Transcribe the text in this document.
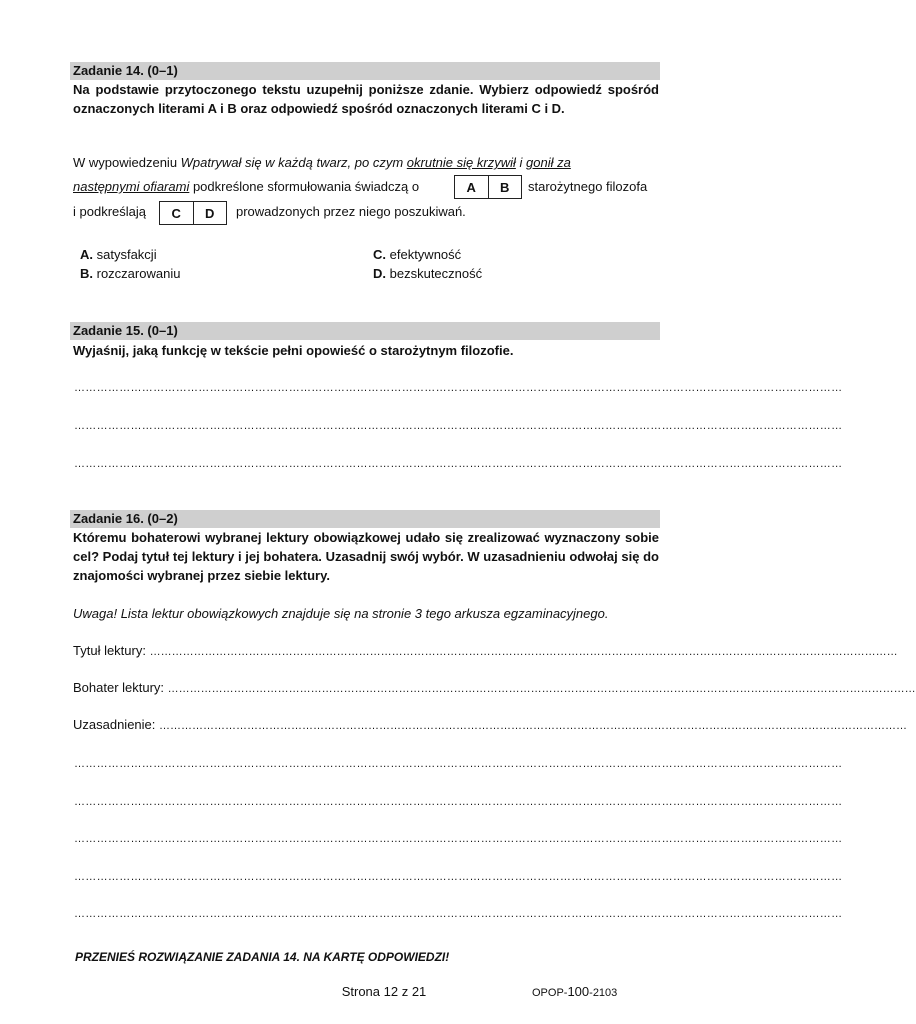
Zadanie 14. (0–1)
Na podstawie przytoczonego tekstu uzupełnij poniższe zdanie. Wybierz odpowiedź spośród oznaczonych literami A i B oraz odpowiedź spośród oznaczonych literami C i D.
W wypowiedzeniu Wpatrywał się w każdą twarz, po czym okrutnie się krzywił i gonił za
następnymi ofiarami podkreślone sformułowania świadczą o	A	B	starożytnego filozofa
i podkreślają	C	D	prowadzonych przez niego poszukiwań.
A. satysfakcji
B. rozczarowaniu
C. efektywność
D. bezskuteczność
Zadanie 15. (0–1)
Wyjaśnij, jaką funkcję w tekście pełni opowieść o starożytnym filozofie.
……………………………………………………………………………………………………………………………………………………………………………………
……………………………………………………………………………………………………………………………………………………………………………………
……………………………………………………………………………………………………………………………………………………………………………………
Zadanie 16. (0–2)
Któremu bohaterowi wybranej lektury obowiązkowej udało się zrealizować wyznaczony sobie cel? Podaj tytuł tej lektury i jej bohatera. Uzasadnij swój wybór. W uzasadnieniu odwołaj się do znajomości wybranej przez siebie lektury.
Uwaga! Lista lektur obowiązkowych znajduje się na stronie 3 tego arkusza egzaminacyjnego.
Tytuł lektury: ……………………………………………………………………………………………………………………………………………………………………………………
Bohater lektury: ……………………………………………………………………………………………………………………………………………………………………………………
Uzasadnienie: ……………………………………………………………………………………………………………………………………………………………………………………
……………………………………………………………………………………………………………………………………………………………………………………
……………………………………………………………………………………………………………………………………………………………………………………
……………………………………………………………………………………………………………………………………………………………………………………
……………………………………………………………………………………………………………………………………………………………………………………
……………………………………………………………………………………………………………………………………………………………………………………
PRZENIEŚ ROZWIĄZANIE ZADANIA 14. NA KARTĘ ODPOWIEDZI!
Strona 12 z 21	OPOP-100-2103
